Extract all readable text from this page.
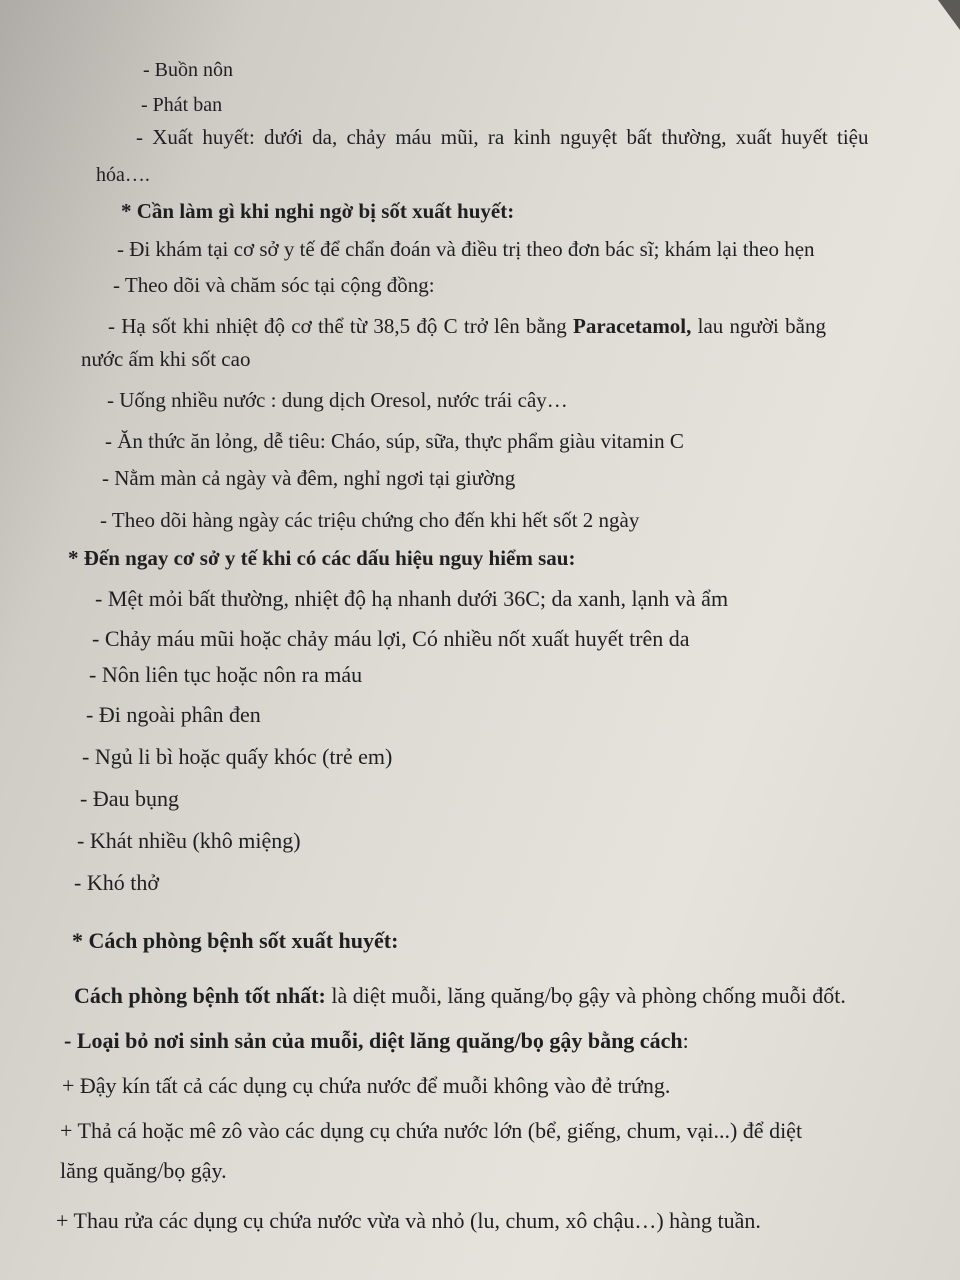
- Buồn nôn
- Phát ban
- Xuất huyết: dưới da, chảy máu mũi, ra kinh nguyệt bất thường, xuất huyết tiệu
hóa….
* Cần làm gì khi nghi ngờ bị sốt xuất huyết:
- Đi khám tại cơ sở y tế để chẩn đoán và điều trị theo đơn bác sĩ; khám lại theo hẹn
- Theo dõi và chăm sóc tại cộng đồng:
- Hạ sốt khi nhiệt độ cơ thể từ 38,5 độ C trở lên bằng Paracetamol, lau người bằng
nước ấm khi sốt cao
- Uống nhiều nước : dung dịch Oresol, nước trái cây…
- Ăn thức ăn lỏng, dễ tiêu: Cháo, súp, sữa, thực phẩm giàu vitamin C
- Nằm màn cả ngày và đêm, nghỉ ngơi tại giường
- Theo dõi hàng ngày các triệu chứng cho đến khi hết sốt 2 ngày
* Đến ngay cơ sở y tế khi có các dấu hiệu nguy hiểm sau:
- Mệt mỏi bất thường, nhiệt độ hạ nhanh dưới 36C; da xanh, lạnh và ẩm
- Chảy máu mũi hoặc chảy máu lợi, Có nhiều nốt xuất huyết trên da
- Nôn liên tục hoặc nôn ra máu
- Đi ngoài phân đen
- Ngủ li bì hoặc quấy khóc (trẻ em)
- Đau bụng
- Khát nhiều (khô miệng)
- Khó thở
* Cách phòng bệnh sốt xuất huyết:
Cách phòng bệnh tốt nhất: là diệt muỗi, lăng quăng/bọ gậy và phòng chống muỗi đốt.
- Loại bỏ nơi sinh sản của muỗi, diệt lăng quăng/bọ gậy bằng cách:
+ Đậy kín tất cả các dụng cụ chứa nước để muỗi không vào đẻ trứng.
+ Thả cá hoặc mê zô vào các dụng cụ chứa nước lớn (bể, giếng, chum, vại...) để diệt
lăng quăng/bọ gậy.
+ Thau rửa các dụng cụ chứa nước vừa và nhỏ (lu, chum, xô chậu…) hàng tuần.
